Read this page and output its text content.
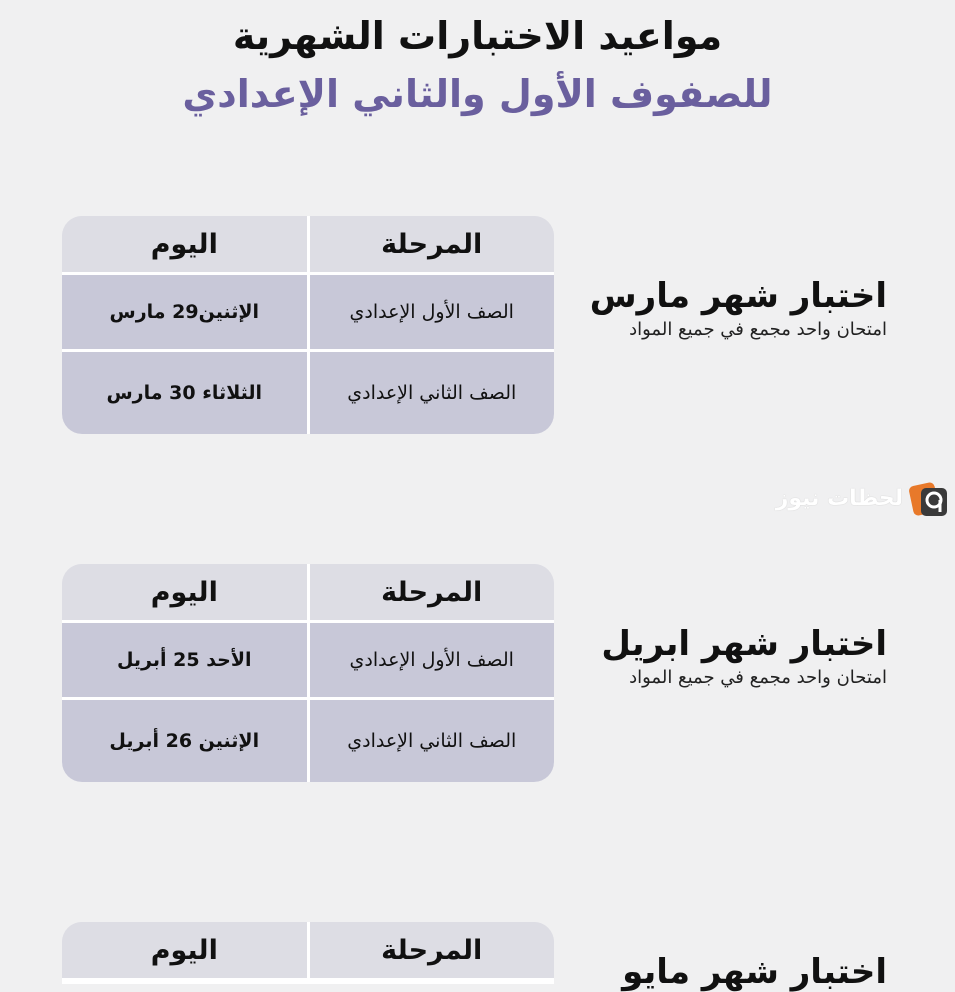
مواعيد الاختبارات الشهرية
للصفوف الأول والثاني الإعدادي
اختبار شهر مارس
امتحان واحد مجمع في جميع المواد
المرحلة
اليوم
الصف الأول الإعدادي
الإثنين29 مارس
الصف الثاني الإعدادي
الثلاثاء 30 مارس
لحظات نيوز
اختبار شهر ابريل
امتحان واحد مجمع في جميع المواد
المرحلة
اليوم
الصف الأول الإعدادي
الأحد 25 أبريل
الصف الثاني الإعدادي
الإثنين 26 أبريل
اختبار شهر مايو
المرحلة
اليوم
